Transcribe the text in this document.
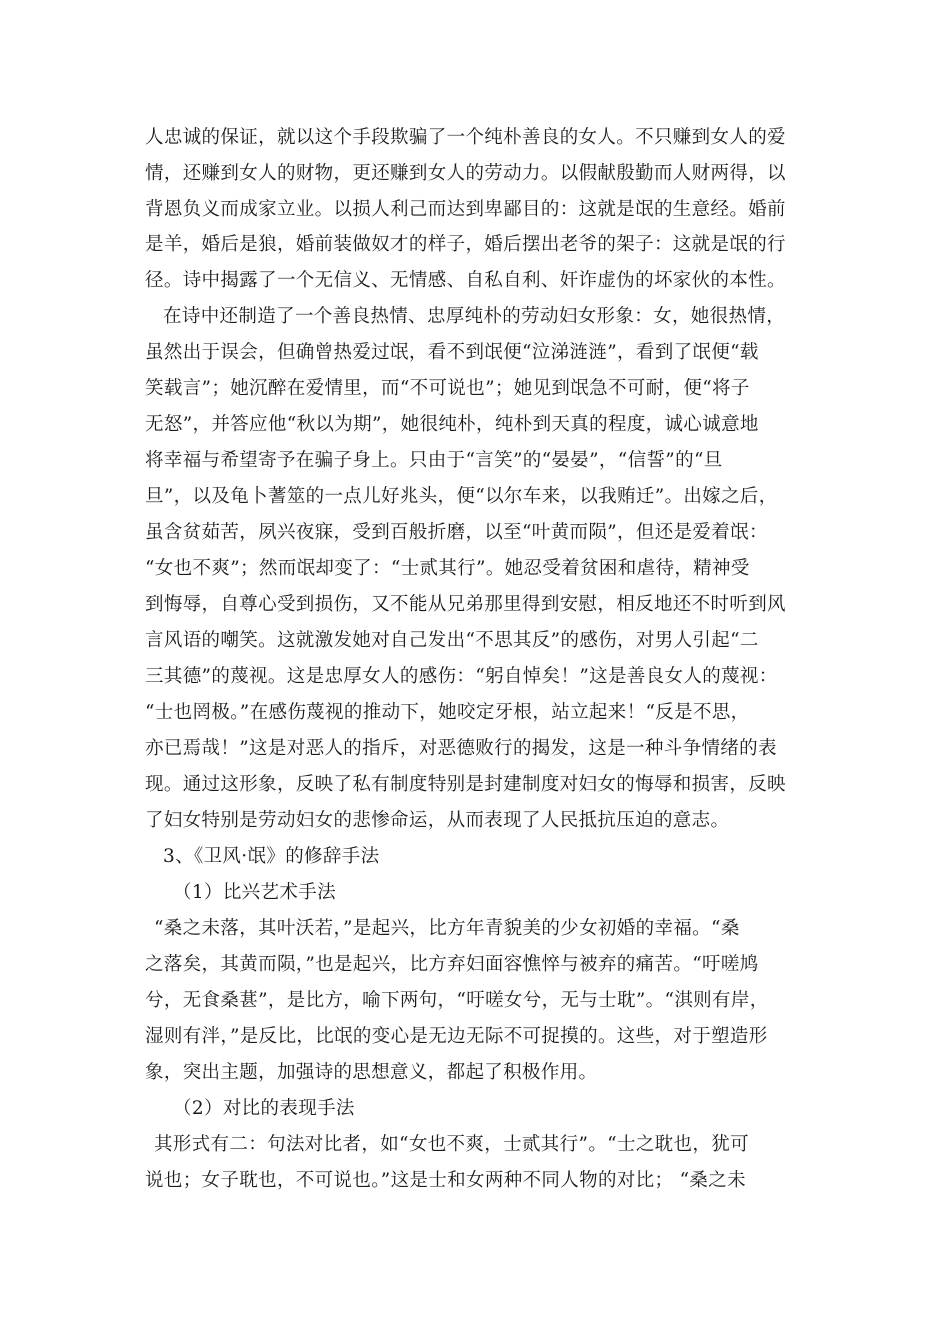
人忠诚的保证，就以这个手段欺骗了一个纯朴善良的女人。不只赚到女人的爱
情，还赚到女人的财物，更还赚到女人的劳动力。以假献殷勤而人财两得，以
背恩负义而成家立业。以损人利己而达到卑鄙目的：这就是氓的生意经。婚前
是羊，婚后是狼，婚前装做奴才的样子，婚后摆出老爷的架子：这就是氓的行
径。诗中揭露了一个无信义、无情感、自私自利、奸诈虚伪的坏家伙的本性。
在诗中还制造了一个善良热情、忠厚纯朴的劳动妇女形象：女，她很热情，
虽然出于误会，但确曾热爱过氓，看不到氓便“泣涕涟涟”，看到了氓便“载
笑载言”；她沉醉在爱情里，而“不可说也”；她见到氓急不可耐，便“将子
无怒”，并答应他“秋以为期”，她很纯朴，纯朴到天真的程度，诚心诚意地
将幸福与希望寄予在骗子身上。只由于“言笑”的“晏晏”，“信誓”的“旦
旦”，以及龟卜蓍筮的一点儿好兆头，便“以尔车来，以我贿迁”。出嫁之后，
虽含贫茹苦，夙兴夜寐，受到百般折磨，以至“叶黄而陨”，但还是爱着氓：
“女也不爽”；然而氓却变了：“士贰其行”。她忍受着贫困和虐待，精神受
到悔辱，自尊心受到损伤，又不能从兄弟那里得到安慰，相反地还不时听到风
言风语的嘲笑。这就激发她对自己发出“不思其反”的感伤，对男人引起“二
三其德”的蔑视。这是忠厚女人的感伤：“躬自悼矣！”这是善良女人的蔑视：
“士也罔极。”在感伤蔑视的推动下，她咬定牙根，站立起来！“反是不思，
亦已焉哉！”这是对恶人的指斥，对恶德败行的揭发，这是一种斗争情绪的表
现。通过这形象，反映了私有制度特别是封建制度对妇女的悔辱和损害，反映
了妇女特别是劳动妇女的悲惨命运，从而表现了人民抵抗压迫的意志。
3、《卫风·氓》的修辞手法
（1）比兴艺术手法
“桑之未落，其叶沃若，”是起兴，比方年青貌美的少女初婚的幸福。“桑
之落矣，其黄而陨，”也是起兴，比方弃妇面容憔悴与被弃的痛苦。“吁嗟鸠
兮，无食桑葚”，是比方，喻下两句，“吁嗟女兮，无与士耽”。“淇则有岸，
湿则有泮，”是反比，比氓的变心是无边无际不可捉摸的。这些，对于塑造形
象，突出主题，加强诗的思想意义，都起了积极作用。
（2）对比的表现手法
其形式有二：句法对比者，如“女也不爽，士贰其行”。“士之耽也，犹可
说也；女子耽也，不可说也。”这是士和女两种不同人物的对比； “桑之未
